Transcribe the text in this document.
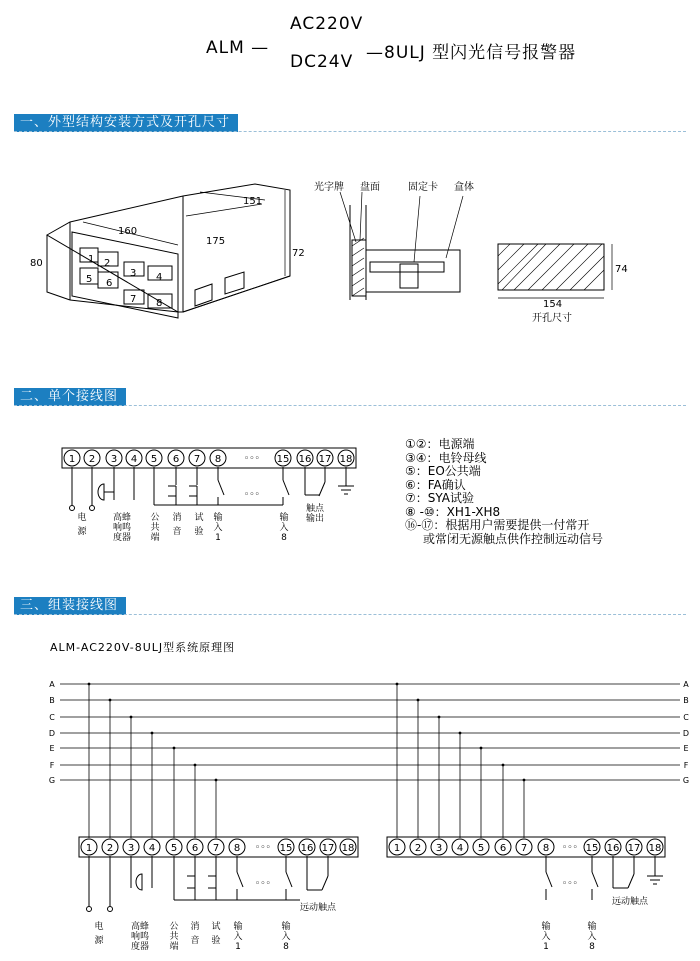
ALM —
AC220V
DC24V —8ULJ 型闪光信号报警器
一、外型结构安装方式及开孔尺寸
80
160
175
151
72
74
154
1 2
3 4
5 6
7 8
光字牌 盘面	固定卡 盒体
开孔尺寸
二、单个接线图
1 2 3 4 5 6 7 8	◦◦◦ 15 16 17 18
◦◦◦
电
源
高蜂
响鸣
度器
公
共
端
消
音
试
验
输
入
1
输
入
8
触点
输出
①②：电源端
③④：电铃母线
⑤：EO公共端
⑥：FA确认
⑦：SYA试验
⑧ -⑩：XH1-XH8
⑯-⑰：根据用户需要提供一付常开
或常闭无源触点供作控制远动信号
三、组装接线图
ALM-AC220V-8ULJ型系统原理图
A	A
B	B
C	C
D	D
E	E
F	F
G	G
1 2 3 4 5 6 7 8 ◦◦◦ 15 16 17 18	1 2 3 4 5 6 7 8 ◦◦◦ 15 16 17 18
◦◦◦
远动触点
◦◦◦
远动触点
电
源
高蜂
响鸣
度器
公
共
端
消
音
试
验
输
入
1
输
入
8
输
入
1
输
入
8
